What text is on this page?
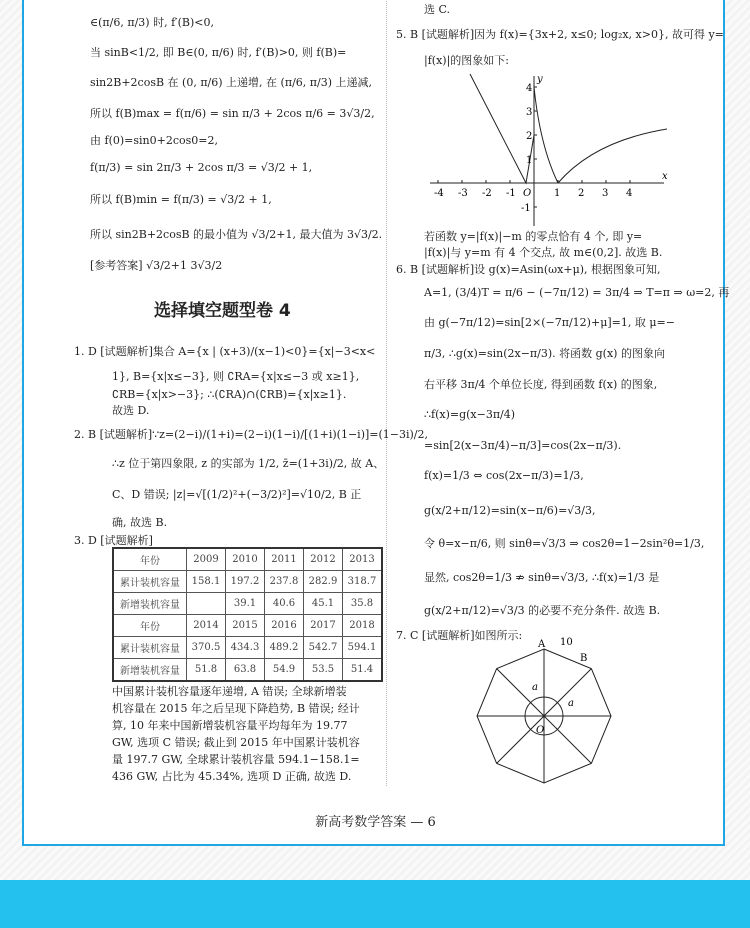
∈(π/6, π/3) 时, f′(B)<0,
当 sinB<1/2, 即 B∈(0, π/6) 时, f′(B)>0, 则 f(B)=
sin2B+2cosB 在 (0, π/6) 上递增, 在 (π/6, π/3) 上递减,
所以 f(B)max = f(π/6) = sin π/3 + 2cos π/6 = 3√3/2,
由 f(0)=sin0+2cos0=2,
f(π/3) = sin 2π/3 + 2cos π/3 = √3/2 + 1,
所以 f(B)min = f(π/3) = √3/2 + 1,
所以 sin2B+2cosB 的最小值为 √3/2+1, 最大值为 3√3/2.
[参考答案] √3/2+1 3√3/2
选择填空题型卷 4
1. D [试题解析]集合 A={x | (x+3)/(x−1)<0}={x|−3<x<
1}, B={x|x≤−3}, 则 ∁RA={x|x≤−3 或 x≥1},
∁RB={x|x>−3}; ∴(∁RA)∩(∁RB)={x|x≥1}.
故选 D.
2. B [试题解析]∵z=(2−i)/(1+i)=(2−i)(1−i)/[(1+i)(1−i)]=(1−3i)/2,
∴z 位于第四象限, z 的实部为 1/2, z̄=(1+3i)/2, 故 A、
C、D 错误; |z|=√[(1/2)²+(−3/2)²]=√10/2, B 正
确, 故选 B.
3. D [试题解析]
年份	2009	2010	2011	2012	2013
累计装机容量	158.1	197.2	237.8	282.9	318.7
新增装机容量		39.1	40.6	45.1	35.8
年份	2014	2015	2016	2017	2018
累计装机容量	370.5	434.3	489.2	542.7	594.1
新增装机容量	51.8	63.8	54.9	53.5	51.4
中国累计装机容量逐年递增, A 错误; 全球新增装
机容量在 2015 年之后呈现下降趋势, B 错误; 经计
算, 10 年来中国新增装机容量平均每年为 19.77
GW, 选项 C 错误; 截止到 2015 年中国累计装机容
量 197.7 GW, 全球累计装机容量 594.1−158.1=
436 GW, 占比为 45.34%, 选项 D 正确, 故选 D.
选 C.
5. B [试题解析]因为 f(x)={3x+2, x≤0; log₂x, x>0}, 故可得 y=
|f(x)|的图象如下:
-4 -3 -2 -1	1 2 3 4
4
3
2
1
-1
x
y
O
若函数 y=|f(x)|−m 的零点恰有 4 个, 即 y=
|f(x)|与 y=m 有 4 个交点, 故 m∈(0,2]. 故选 B.
6. B [试题解析]设 g(x)=Asin(ωx+μ), 根据图象可知,
A=1, (3/4)T = π/6 − (−7π/12) = 3π/4 ⇒ T=π ⇒ ω=2, 再
由 g(−7π/12)=sin[2×(−7π/12)+μ]=1, 取 μ=−
π/3, ∴g(x)=sin(2x−π/3). 将函数 g(x) 的图象向
右平移 3π/4 个单位长度, 得到函数 f(x) 的图象,
∴f(x)=g(x−3π/4)
=sin[2(x−3π/4)−π/3]=cos(2x−π/3).
f(x)=1/3 ⇔ cos(2x−π/3)=1/3,
g(x/2+π/12)=sin(x−π/6)=√3/3,
令 θ=x−π/6, 则 sinθ=√3/3 ⇒ cos2θ=1−2sin²θ=1/3,
显然, cos2θ=1/3 ⇏ sinθ=√3/3, ∴f(x)=1/3 是
g(x/2+π/12)=√3/3 的必要不充分条件. 故选 B.
7. C [试题解析]如图所示:
A
B
10
a
a
O
新高考数学答案 — 6
